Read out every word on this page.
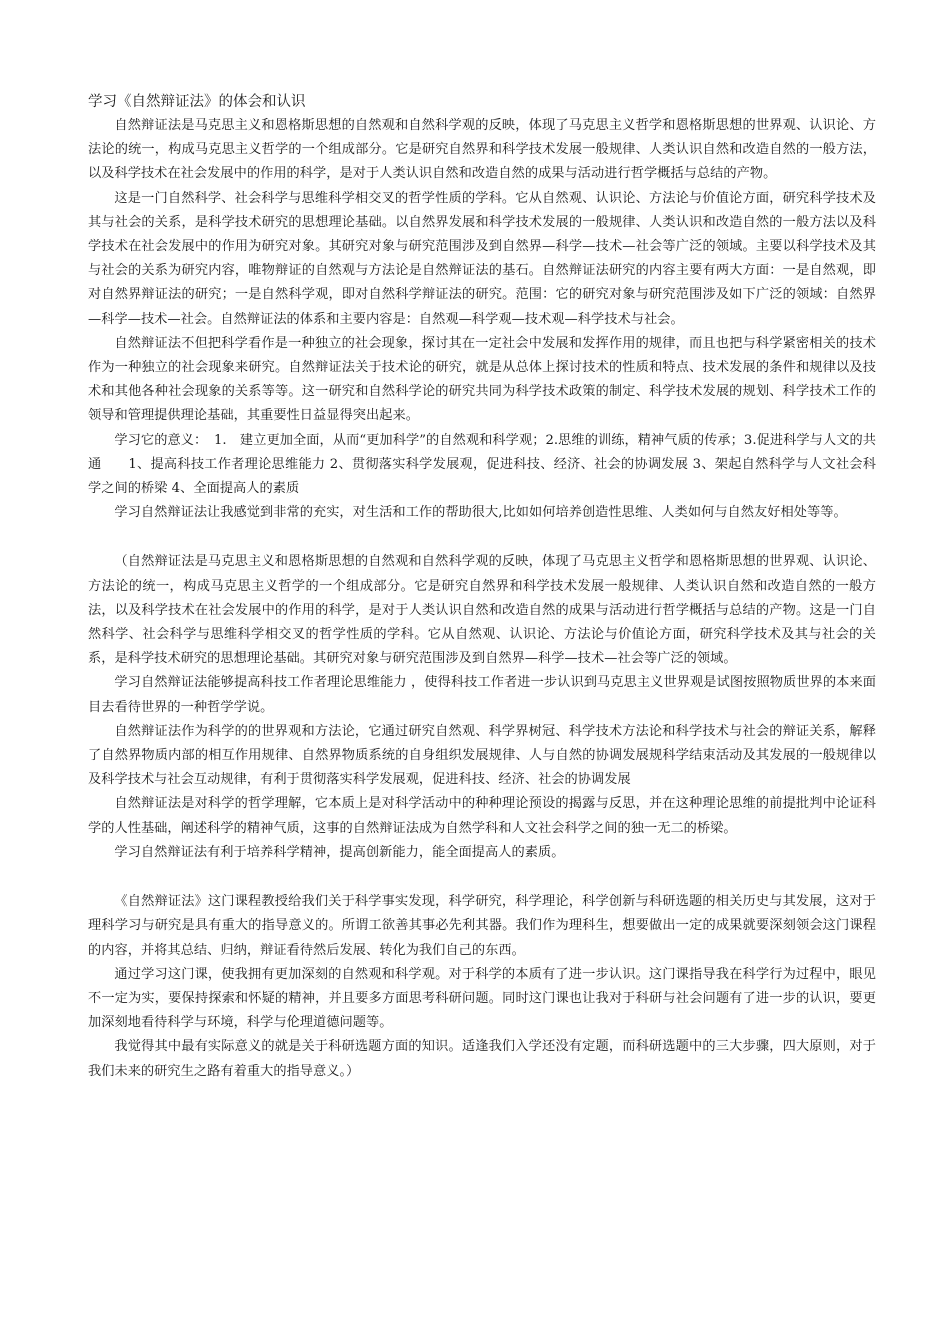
学习《自然辩证法》的体会和认识

自然辩证法是马克思主义和恩格斯思想的自然观和自然科学观的反映，体现了马克思主义哲学和恩格斯思想的世界观、认识论、方法论的统一，构成马克思主义哲学的一个组成部分。它是研究自然界和科学技术发展一般规律、人类认识自然和改造自然的一般方法，以及科学技术在社会发展中的作用的科学，是对于人类认识自然和改造自然的成果与活动进行哲学概括与总结的产物。

这是一门自然科学、社会科学与思维科学相交叉的哲学性质的学科。它从自然观、认识论、方法论与价值论方面，研究科学技术及其与社会的关系，是科学技术研究的思想理论基础。以自然界发展和科学技术发展的一般规律、人类认识和改造自然的一般方法以及科学技术在社会发展中的作用为研究对象。其研究对象与研究范围涉及到自然界—科学—技术—社会等广泛的领域。主要以科学技术及其与社会的关系为研究内容，唯物辩证的自然观与方法论是自然辩证法的基石。自然辩证法研究的内容主要有两大方面：一是自然观，即对自然界辩证法的研究；一是自然科学观，即对自然科学辩证法的研究。范围：它的研究对象与研究范围涉及如下广泛的领域：自然界—科学—技术—社会。自然辩证法的体系和主要内容是：自然观—科学观—技术观—科学技术与社会。

自然辩证法不但把科学看作是一种独立的社会现象，探讨其在一定社会中发展和发挥作用的规律，而且也把与科学紧密相关的技术作为一种独立的社会现象来研究。自然辩证法关于技术论的研究，就是从总体上探讨技术的性质和特点、技术发展的条件和规律以及技术和其他各种社会现象的关系等等。这一研究和自然科学论的研究共同为科学技术政策的制定、科学技术发展的规划、科学技术工作的领导和管理提供理论基础，其重要性日益显得突出起来。

学习它的意义：　1.　建立更加全面，从而“更加科学”的自然观和科学观；2.思维的训练，精神气质的传承；3.促进科学与人文的共通　　1、提高科技工作者理论思维能力 2、贯彻落实科学发展观，促进科技、经济、社会的协调发展 3、架起自然科学与人文社会科学之间的桥梁 4、全面提高人的素质

学习自然辩证法让我感觉到非常的充实，对生活和工作的帮助很大,比如如何培养创造性思维、人类如何与自然友好相处等等。

（自然辩证法是马克思主义和恩格斯思想的自然观和自然科学观的反映，体现了马克思主义哲学和恩格斯思想的世界观、认识论、方法论的统一，构成马克思主义哲学的一个组成部分。它是研究自然界和科学技术发展一般规律、人类认识自然和改造自然的一般方法，以及科学技术在社会发展中的作用的科学，是对于人类认识自然和改造自然的成果与活动进行哲学概括与总结的产物。这是一门自然科学、社会科学与思维科学相交叉的哲学性质的学科。它从自然观、认识论、方法论与价值论方面，研究科学技术及其与社会的关系，是科学技术研究的思想理论基础。其研究对象与研究范围涉及到自然界—科学—技术—社会等广泛的领域。

学习自然辩证法能够提高科技工作者理论思维能力 ，使得科技工作者进一步认识到马克思主义世界观是试图按照物质世界的本来面目去看待世界的一种哲学学说。

自然辩证法作为科学的的世界观和方法论，它通过研究自然观、科学界树冠、科学技术方法论和科学技术与社会的辩证关系，解释了自然界物质内部的相互作用规律、自然界物质系统的自身组织发展规律、人与自然的协调发展规科学结束活动及其发展的一般规律以及科学技术与社会互动规律，有利于贯彻落实科学发展观，促进科技、经济、社会的协调发展

自然辩证法是对科学的哲学理解，它本质上是对科学活动中的种种理论预设的揭露与反思，并在这种理论思维的前提批判中论证科学的人性基础，阐述科学的精神气质，这事的自然辩证法成为自然学科和人文社会科学之间的独一无二的桥梁。

学习自然辩证法有利于培养科学精神，提高创新能力，能全面提高人的素质。

《自然辩证法》这门课程教授给我们关于科学事实发现，科学研究，科学理论，科学创新与科研选题的相关历史与其发展，这对于理科学习与研究是具有重大的指导意义的。所谓工欲善其事必先利其器。我们作为理科生，想要做出一定的成果就要深刻领会这门课程的内容，并将其总结、归纳，辩证看待然后发展、转化为我们自己的东西。

通过学习这门课，使我拥有更加深刻的自然观和科学观。对于科学的本质有了进一步认识。这门课指导我在科学行为过程中，眼见不一定为实，要保持探索和怀疑的精神，并且要多方面思考科研问题。同时这门课也让我对于科研与社会问题有了进一步的认识，要更加深刻地看待科学与环境，科学与伦理道德问题等。

我觉得其中最有实际意义的就是关于科研选题方面的知识。适逢我们入学还没有定题，而科研选题中的三大步骤，四大原则，对于我们未来的研究生之路有着重大的指导意义。）
